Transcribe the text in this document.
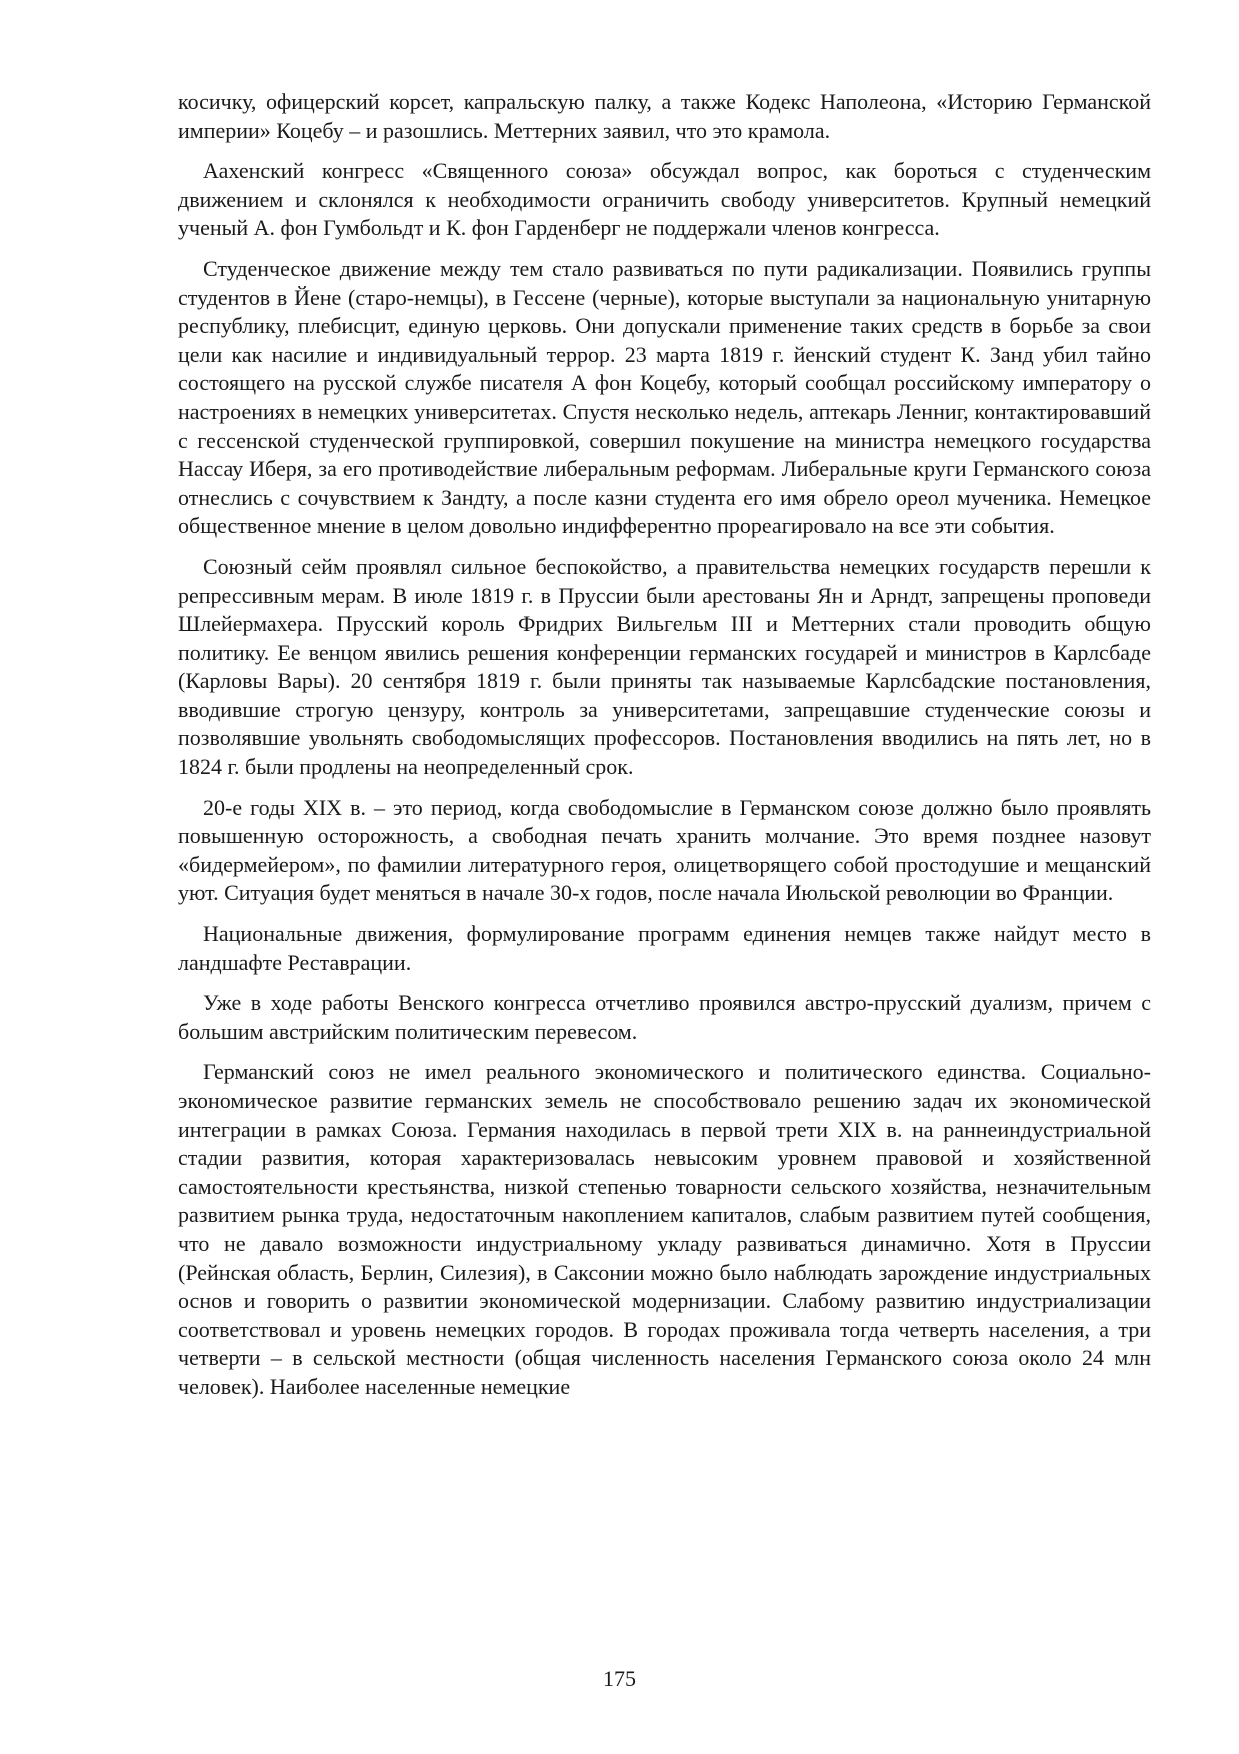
косичку, офицерский корсет, капральскую палку, а также Кодекс Наполеона, «Историю Германской империи» Коцебу – и разошлись. Меттерних заявил, что это крамола.

Аахенский конгресс «Священного союза» обсуждал вопрос, как бороться с студенческим движением и склонялся к необходимости ограничить свободу университетов. Крупный немецкий ученый А. фон Гумбольдт и К. фон Гарденберг не поддержали членов конгресса.

Студенческое движение между тем стало развиваться по пути радикализации. Появились группы студентов в Йене (старо-немцы), в Гессене (черные), которые выступали за национальную унитарную республику, плебисцит, единую церковь. Они допускали применение таких средств в борьбе за свои цели как насилие и индивидуальный террор. 23 марта 1819 г. йенский студент К. Занд убил тайно состоящего на русской службе писателя А фон Коцебу, который сообщал российскому императору о настроениях в немецких университетах. Спустя несколько недель, аптекарь Ленниг, контактировавший с гессенской студенческой группировкой, совершил покушение на министра немецкого государства Нассау Иберя, за его противодействие либеральным реформам. Либеральные круги Германского союза отнеслись с сочувствием к Зандту, а после казни студента его имя обрело ореол мученика. Немецкое общественное мнение в целом довольно индифферентно прореагировало на все эти события.

Союзный сейм проявлял сильное беспокойство, а правительства немецких государств перешли к репрессивным мерам. В июле 1819 г. в Пруссии были арестованы Ян и Арндт, запрещены проповеди Шлейермахера. Прусский король Фридрих Вильгельм III и Меттерних стали проводить общую политику. Ее венцом явились решения конференции германских государей и министров в Карлсбаде (Карловы Вары). 20 сентября 1819 г. были приняты так называемые Карлсбадские постановления, вводившие строгую цензуру, контроль за университетами, запрещавшие студенческие союзы и позволявшие увольнять свободомыслящих профессоров. Постановления вводились на пять лет, но в 1824 г. были продлены на неопределенный срок.

20-е годы XIX в. – это период, когда свободомыслие в Германском союзе должно было проявлять повышенную осторожность, а свободная печать хранить молчание. Это время позднее назовут «бидермейером», по фамилии литературного героя, олицетворящего собой простодушие и мещанский уют. Ситуация будет меняться в начале 30-х годов, после начала Июльской революции во Франции.

Национальные движения, формулирование программ единения немцев также найдут место в ландшафте Реставрации.

Уже в ходе работы Венского конгресса отчетливо проявился австро-прусский дуализм, причем с большим австрийским политическим перевесом.

Германский союз не имел реального экономического и политического единства. Социально-экономическое развитие германских земель не способствовало решению задач их экономической интеграции в рамках Союза. Германия находилась в первой трети XIX в. на раннеиндустриальной стадии развития, которая характеризовалась невысоким уровнем правовой и хозяйственной самостоятельности крестьянства, низкой степенью товарности сельского хозяйства, незначительным развитием рынка труда, недостаточным накоплением капиталов, слабым развитием путей сообщения, что не давало возможности индустриальному укладу развиваться динамично. Хотя в Пруссии (Рейнская область, Берлин, Силезия), в Саксонии можно было наблюдать зарождение индустриальных основ и говорить о развитии экономической модернизации. Слабому развитию индустриализации соответствовал и уровень немецких городов. В городах проживала тогда четверть населения, а три четверти – в сельской местности (общая численность населения Германского союза около 24 млн человек). Наиболее населенные немецкие

175
